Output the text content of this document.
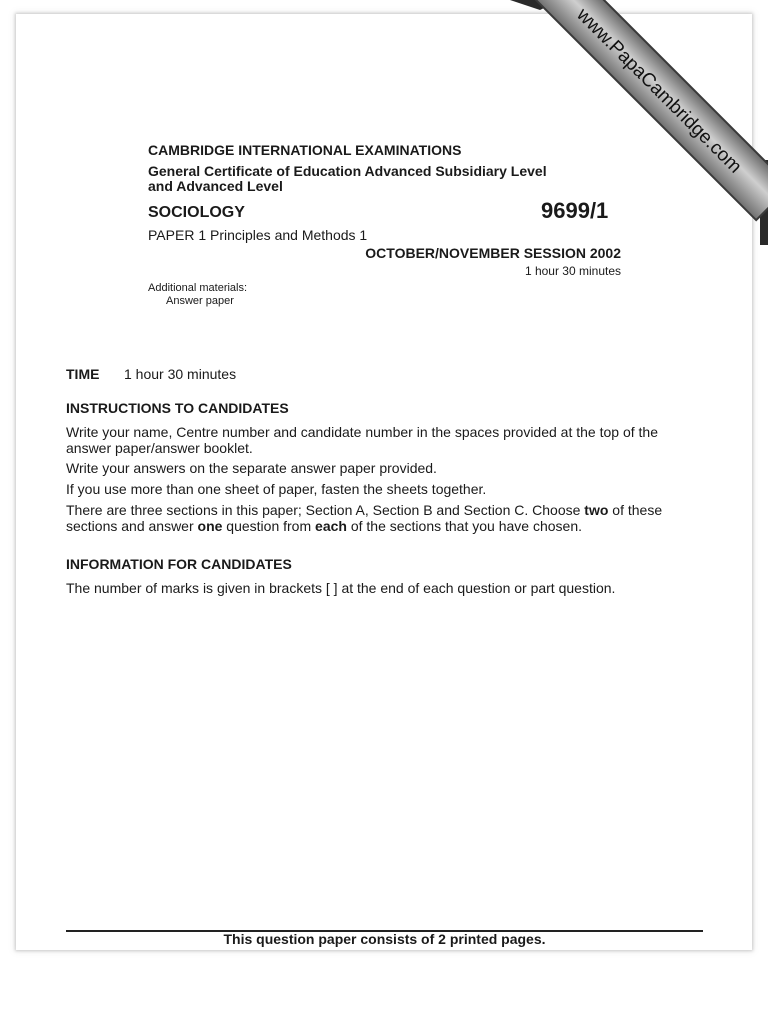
www.PapaCambridge.com
CAMBRIDGE INTERNATIONAL EXAMINATIONS
General Certificate of Education Advanced Subsidiary Level
and Advanced Level
SOCIOLOGY	9699/1
PAPER 1 Principles and Methods 1
OCTOBER/NOVEMBER SESSION 2002
1 hour 30 minutes
Additional materials:
Answer paper
TIME 1 hour 30 minutes
INSTRUCTIONS TO CANDIDATES
Write your name, Centre number and candidate number in the spaces provided at the top of the
answer paper/answer booklet.
Write your answers on the separate answer paper provided.
If you use more than one sheet of paper, fasten the sheets together.
There are three sections in this paper; Section A, Section B and Section C. Choose two of these
sections and answer one question from each of the sections that you have chosen.
INFORMATION FOR CANDIDATES
The number of marks is given in brackets [ ] at the end of each question or part question.
This question paper consists of 2 printed pages.
